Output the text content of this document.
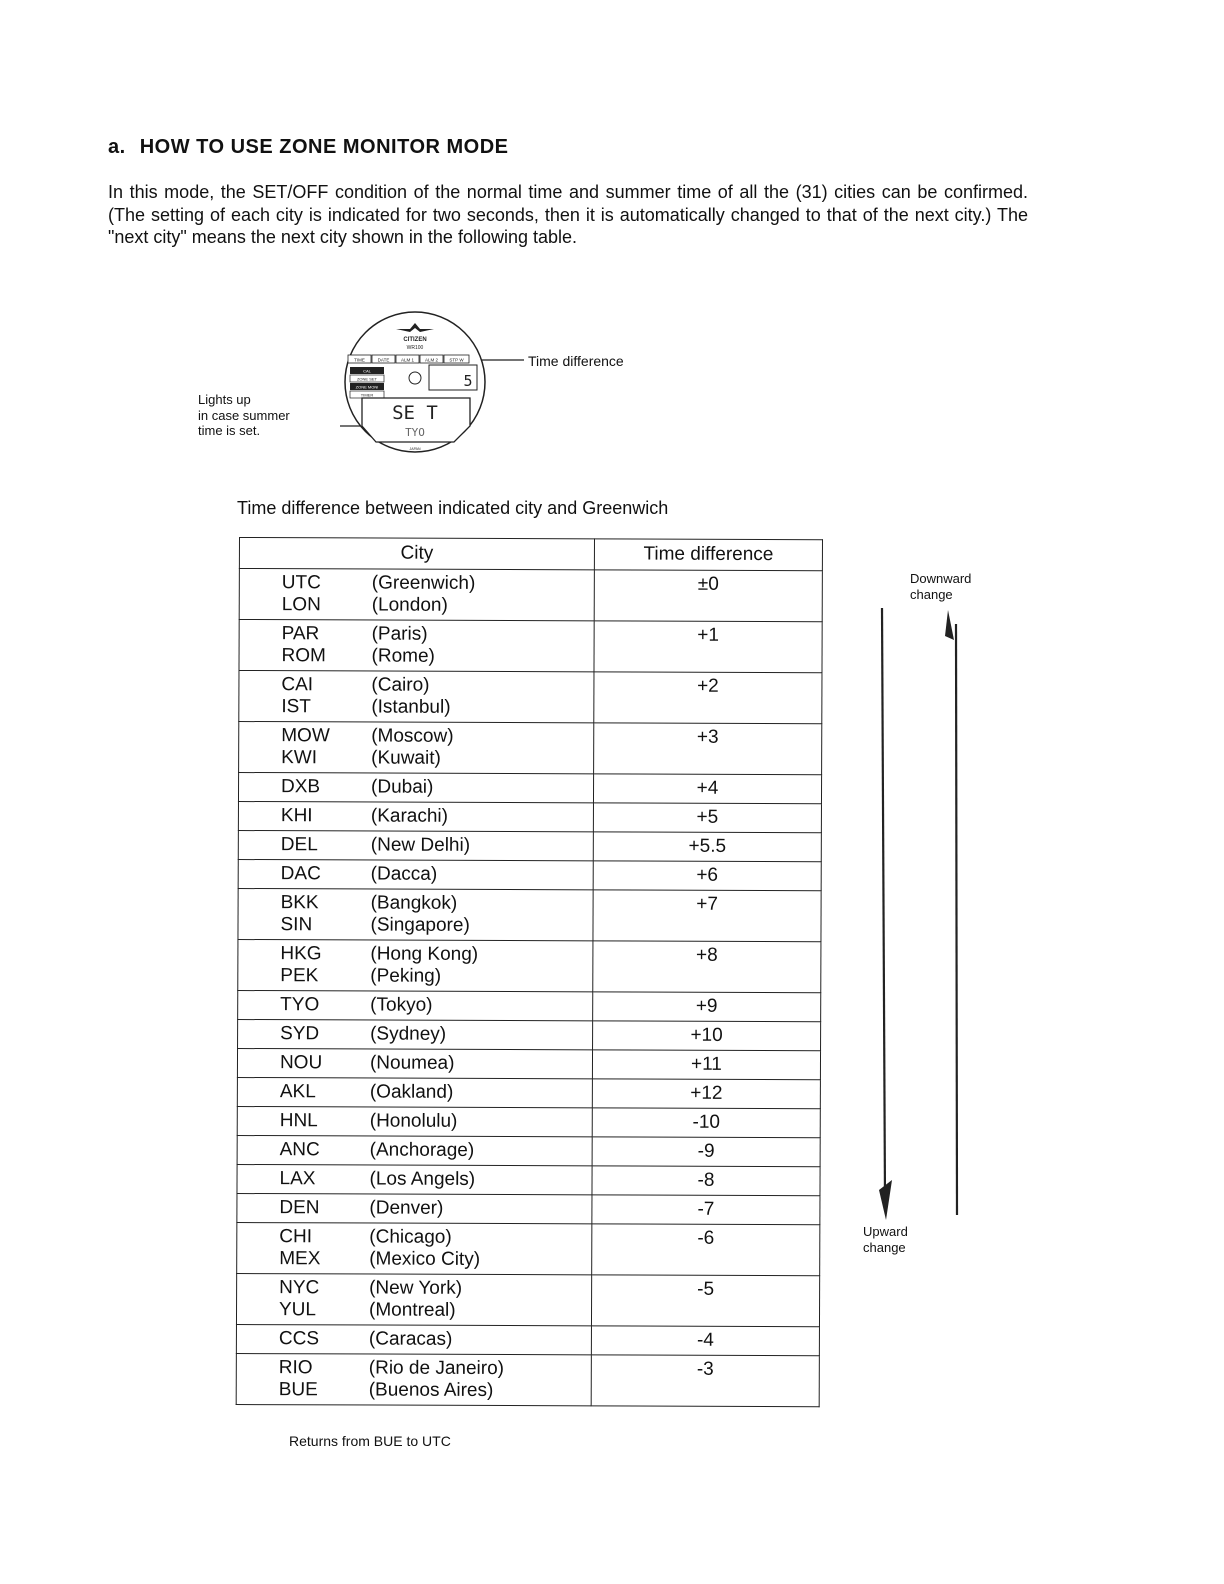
a. HOW TO USE ZONE MONITOR MODE

In this mode, the SET/OFF condition of the normal time and summer time of all the (31) cities can be confirmed. (The setting of each city is indicated for two seconds, then it is automatically changed to that of the next city.) The "next city" means the next city shown in the following table.

Lights up
in case summer
time is set.
Time difference
CITIZEN
WR100
TIME	DATE	ALM 1 ALM 2	STP W
CAL
ZONE SET
ZONE MONI
TIMER
5
SE T
TYO
JAPAN

Time difference between indicated city and Greenwich

City	Time difference

UTC (Greenwich)
LON (London)	±0

PAR (Paris)
ROM (Rome)	+1

CAI (Cairo)
IST (Istanbul)	+2

MOW (Moscow)
KWI (Kuwait)	+3

DXB (Dubai)	+4

KHI (Karachi)	+5

DEL (New Delhi)	+5.5

DAC (Dacca)	+6

BKK (Bangkok)
SIN (Singapore)	+7

HKG (Hong Kong)
PEK (Peking)	+8

TYO (Tokyo)	+9

SYD (Sydney)	+10

NOU (Noumea)	+11

AKL (Oakland)	+12

HNL (Honolulu)	-10

ANC (Anchorage)	-9

LAX (Los Angels)	-8

DEN (Denver)	-7

CHI (Chicago)
MEX (Mexico City)	-6

NYC (New York)
YUL (Montreal)	-5

CCS (Caracas)	-4

RIO (Rio de Janeiro)
BUE (Buenos Aires)	-3
Returns from BUE to UTC
Downward
change
Upward
change
